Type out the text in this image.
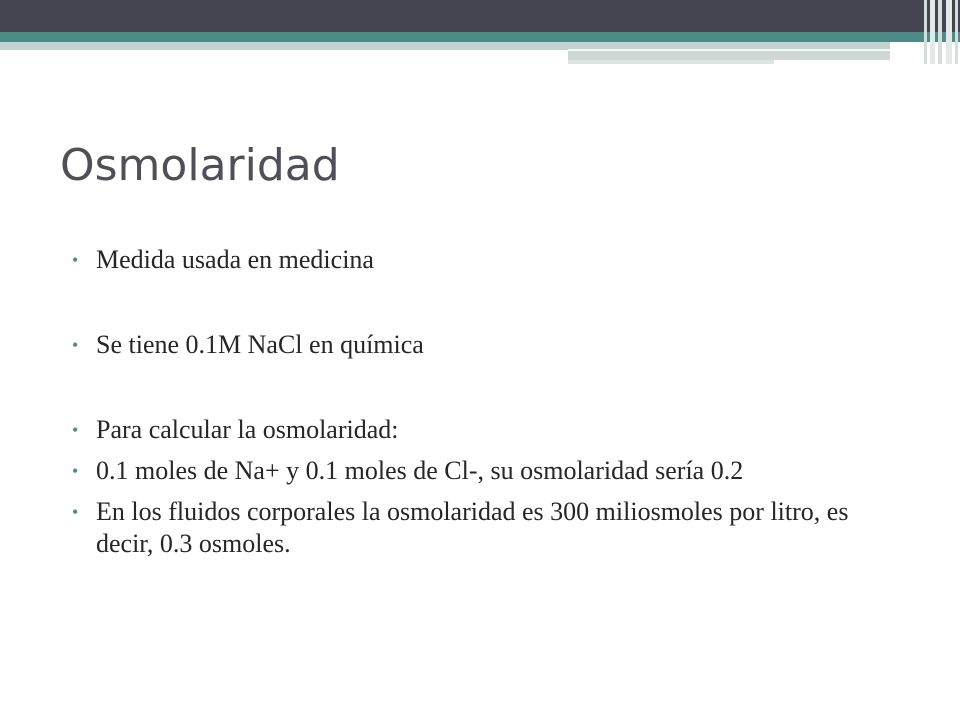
Osmolaridad
• Medida usada en medicina
• Se tiene 0.1M NaCl en química
• Para calcular la osmolaridad:
• 0.1 moles de Na+ y 0.1 moles de Cl-, su osmolaridad sería 0.2
• En los fluidos corporales la osmolaridad es 300 miliosmoles por litro, es decir, 0.3 osmoles.
